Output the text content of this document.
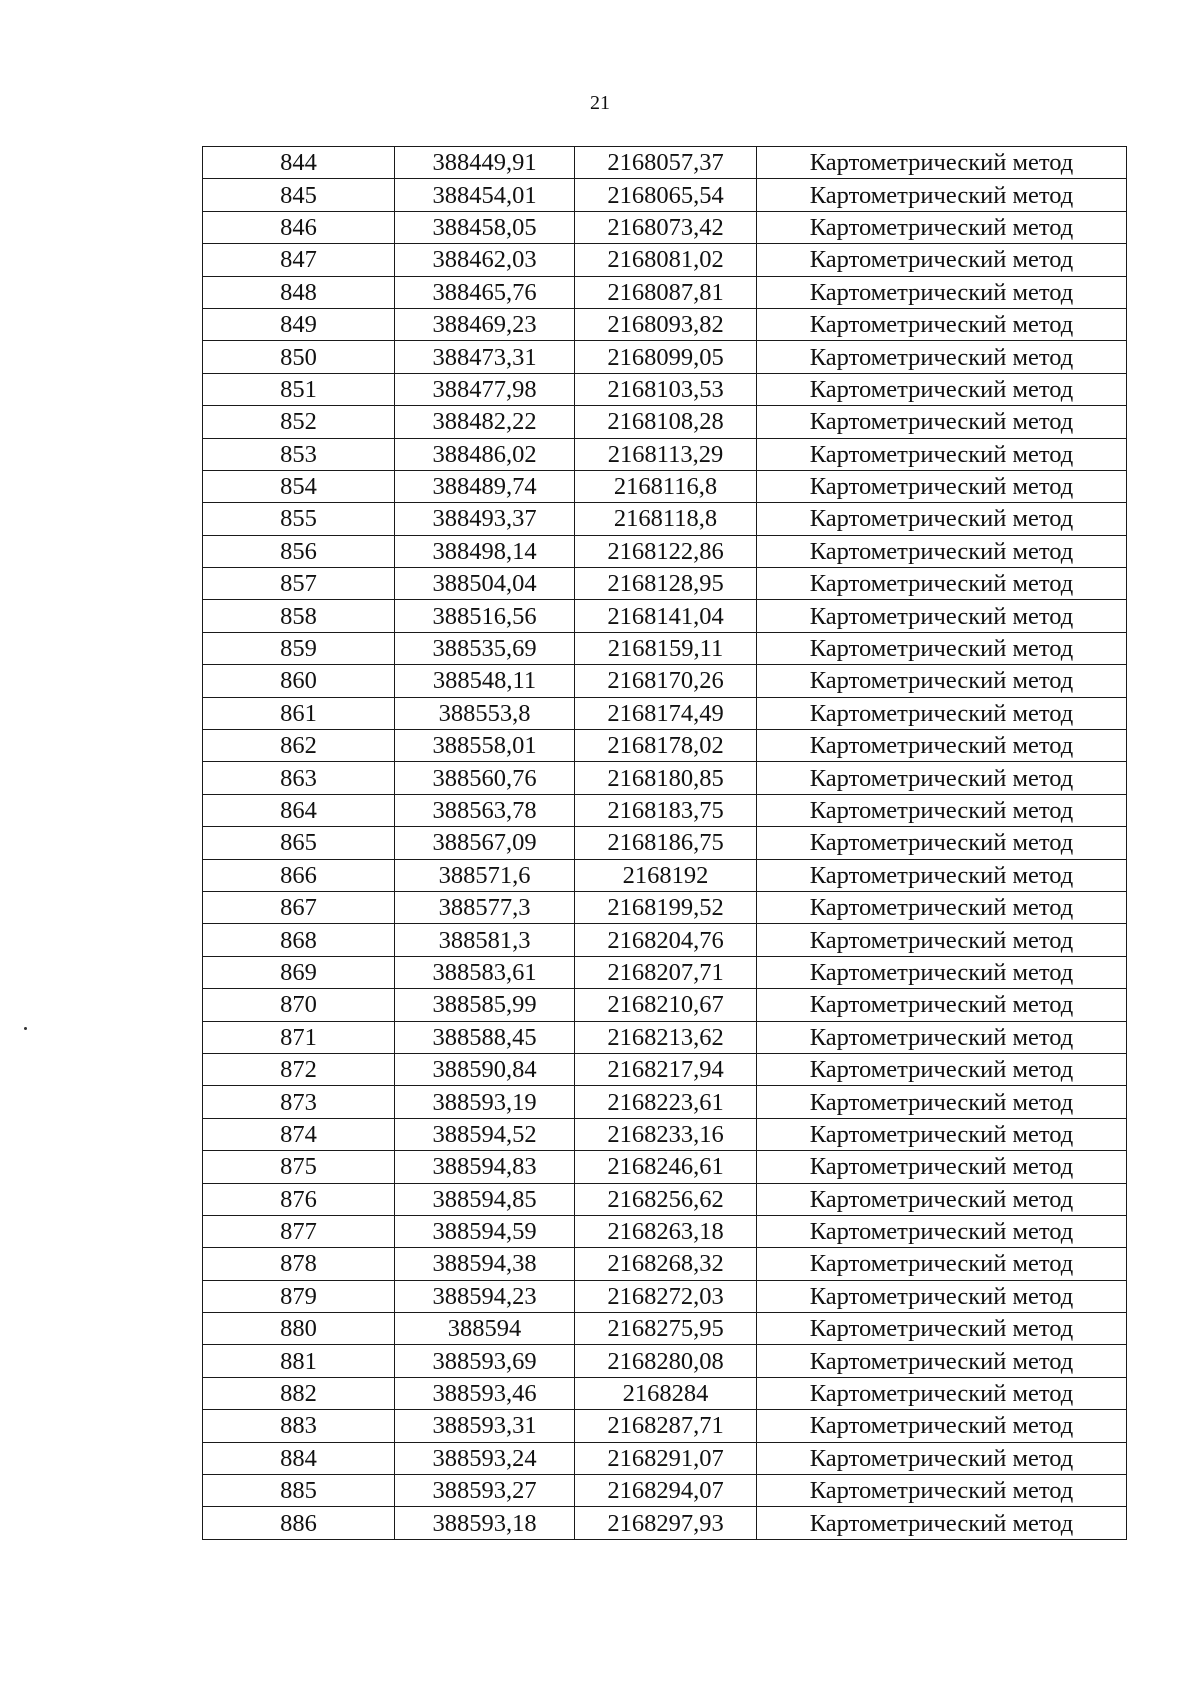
21
844	388449,91	2168057,37	Картометрический метод
845	388454,01	2168065,54	Картометрический метод
846	388458,05	2168073,42	Картометрический метод
847	388462,03	2168081,02	Картометрический метод
848	388465,76	2168087,81	Картометрический метод
849	388469,23	2168093,82	Картометрический метод
850	388473,31	2168099,05	Картометрический метод
851	388477,98	2168103,53	Картометрический метод
852	388482,22	2168108,28	Картометрический метод
853	388486,02	2168113,29	Картометрический метод
854	388489,74	2168116,8	Картометрический метод
855	388493,37	2168118,8	Картометрический метод
856	388498,14	2168122,86	Картометрический метод
857	388504,04	2168128,95	Картометрический метод
858	388516,56	2168141,04	Картометрический метод
859	388535,69	2168159,11	Картометрический метод
860	388548,11	2168170,26	Картометрический метод
861	388553,8	2168174,49	Картометрический метод
862	388558,01	2168178,02	Картометрический метод
863	388560,76	2168180,85	Картометрический метод
864	388563,78	2168183,75	Картометрический метод
865	388567,09	2168186,75	Картометрический метод
866	388571,6	2168192	Картометрический метод
867	388577,3	2168199,52	Картометрический метод
868	388581,3	2168204,76	Картометрический метод
869	388583,61	2168207,71	Картометрический метод
870	388585,99	2168210,67	Картометрический метод
871	388588,45	2168213,62	Картометрический метод
872	388590,84	2168217,94	Картометрический метод
873	388593,19	2168223,61	Картометрический метод
874	388594,52	2168233,16	Картометрический метод
875	388594,83	2168246,61	Картометрический метод
876	388594,85	2168256,62	Картометрический метод
877	388594,59	2168263,18	Картометрический метод
878	388594,38	2168268,32	Картометрический метод
879	388594,23	2168272,03	Картометрический метод
880	388594	2168275,95	Картометрический метод
881	388593,69	2168280,08	Картометрический метод
882	388593,46	2168284	Картометрический метод
883	388593,31	2168287,71	Картометрический метод
884	388593,24	2168291,07	Картометрический метод
885	388593,27	2168294,07	Картометрический метод
886	388593,18	2168297,93	Картометрический метод
